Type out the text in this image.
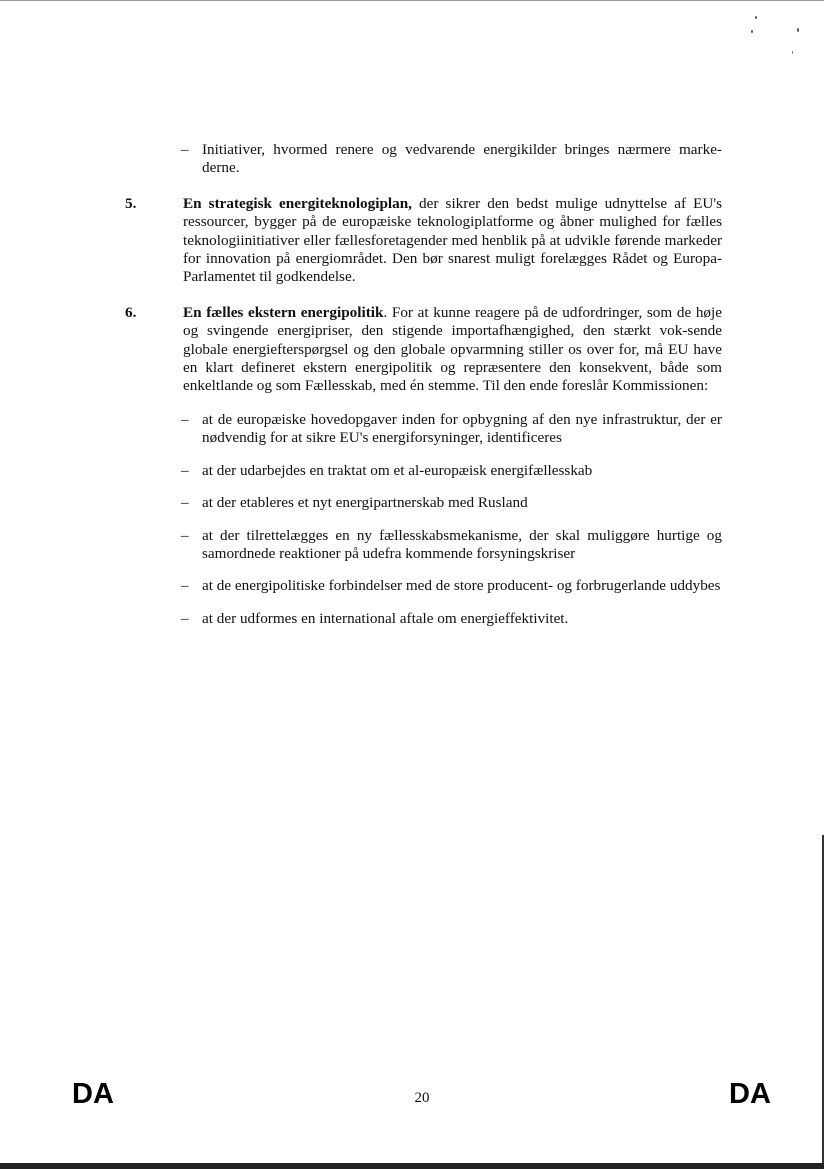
– Initiativer, hvormed renere og vedvarende energikilder bringes nærmere marke-derne.
5.	En strategisk energiteknologiplan, der sikrer den bedst mulige udnyttelse af EU's ressourcer, bygger på de europæiske teknologiplatforme og åbner mulighed for fælles teknologiinitiativer eller fællesforetagender med henblik på at udvikle førende markeder for innovation på energiområdet. Den bør snarest muligt forelægges Rådet og Europa-Parlamentet til godkendelse.
6.	En fælles ekstern energipolitik. For at kunne reagere på de udfordringer, som de høje og svingende energipriser, den stigende importafhængighed, den stærkt vok-sende globale energiefterspørgsel og den globale opvarmning stiller os over for, må EU have en klart defineret ekstern energipolitik og repræsentere den konsekvent, både som enkeltlande og som Fællesskab, med én stemme. Til den ende foreslår Kommissionen:
– at de europæiske hovedopgaver inden for opbygning af den nye infrastruktur, der er nødvendig for at sikre EU's energiforsyninger, identificeres
– at der udarbejdes en traktat om et al-europæisk energifællesskab
– at der etableres et nyt energipartnerskab med Rusland
– at der tilrettelægges en ny fællesskabsmekanisme, der skal muliggøre hurtige og samordnede reaktioner på udefra kommende forsyningskriser
– at de energipolitiske forbindelser med de store producent- og forbrugerlande uddybes
– at der udformes en international aftale om energieffektivitet.
DA	20	DA
